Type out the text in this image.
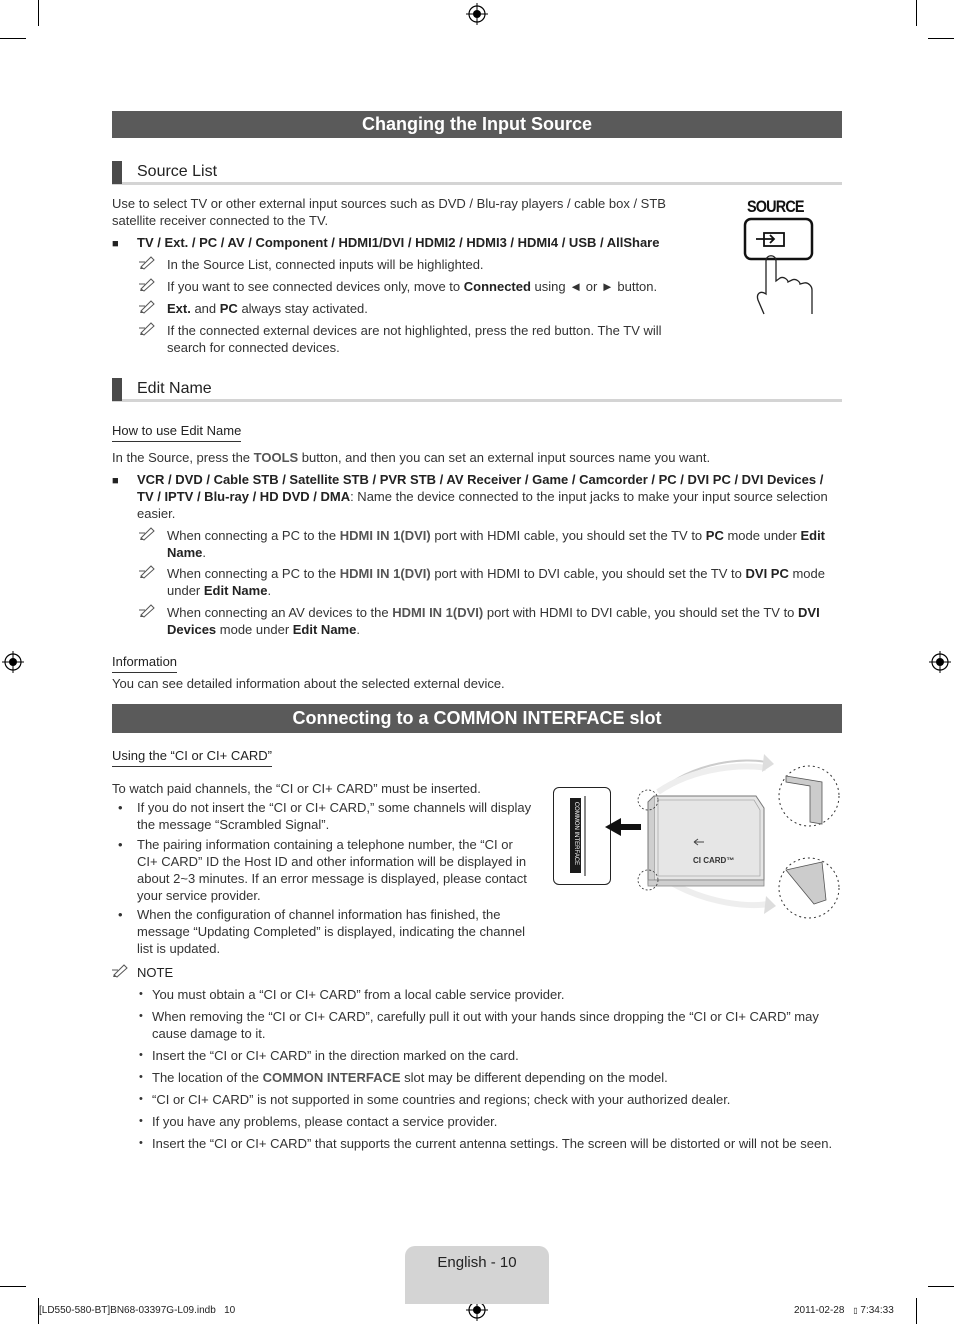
Changing the Input Source
Source List
Use to select TV or other external input sources such as DVD / Blu-ray players / cable box / STB satellite receiver connected to the TV.
■ TV / Ext. / PC / AV / Component / HDMI1/DVI / HDMI2 / HDMI3 / HDMI4 / USB / AllShare
In the Source List, connected inputs will be highlighted.
If you want to see connected devices only, move to Connected using ◄ or ► button.
Ext. and PC always stay activated.
If the connected external devices are not highlighted, press the red button. The TV will search for connected devices.
SOURCE
Edit Name
How to use Edit Name
In the Source, press the TOOLS button, and then you can set an external input sources name you want.
■ VCR / DVD / Cable STB / Satellite STB / PVR STB / AV Receiver / Game / Camcorder / PC / DVI PC / DVI Devices /
TV / IPTV / Blu-ray / HD DVD / DMA: Name the device connected to the input jacks to make your input source selection
easier.
When connecting a PC to the HDMI IN 1(DVI) port with HDMI cable, you should set the TV to PC mode under Edit
Name.
When connecting a PC to the HDMI IN 1(DVI) port with HDMI to DVI cable, you should set the TV to DVI PC mode
under Edit Name.
When connecting an AV devices to the HDMI IN 1(DVI) port with HDMI to DVI cable, you should set the TV to DVI
Devices mode under Edit Name.
Information
You can see detailed information about the selected external device.
Connecting to a COMMON INTERFACE slot
Using the “CI or CI+ CARD”
To watch paid channels, the “CI or CI+ CARD” must be inserted.
• If you do not insert the “CI or CI+ CARD,” some channels will display the message “Scrambled Signal”.
• The pairing information containing a telephone number, the “CI or CI+ CARD” ID the Host ID and other information will be displayed in about 2~3 minutes. If an error message is displayed, please contact your service provider.
• When the configuration of channel information has finished, the message “Updating Completed” is displayed, indicating the channel list is updated.
COMMON INTERFACE	CI CARD™
NOTE
• You must obtain a “CI or CI+ CARD” from a local cable service provider.
• When removing the “CI or CI+ CARD”, carefully pull it out with your hands since dropping the “CI or CI+ CARD” may cause damage to it.
• Insert the “CI or CI+ CARD” in the direction marked on the card.
• The location of the COMMON INTERFACE slot may be different depending on the model.
• “CI or CI+ CARD” is not supported in some countries and regions; check with your authorized dealer.
• If you have any problems, please contact a service provider.
• Insert the “CI or CI+ CARD” that supports the current antenna settings. The screen will be distorted or will not be seen.
English - 10
[LD550-580-BT]BN68-03397G-L09.indb   10	2011-02-28 ▯ 7:34:33
